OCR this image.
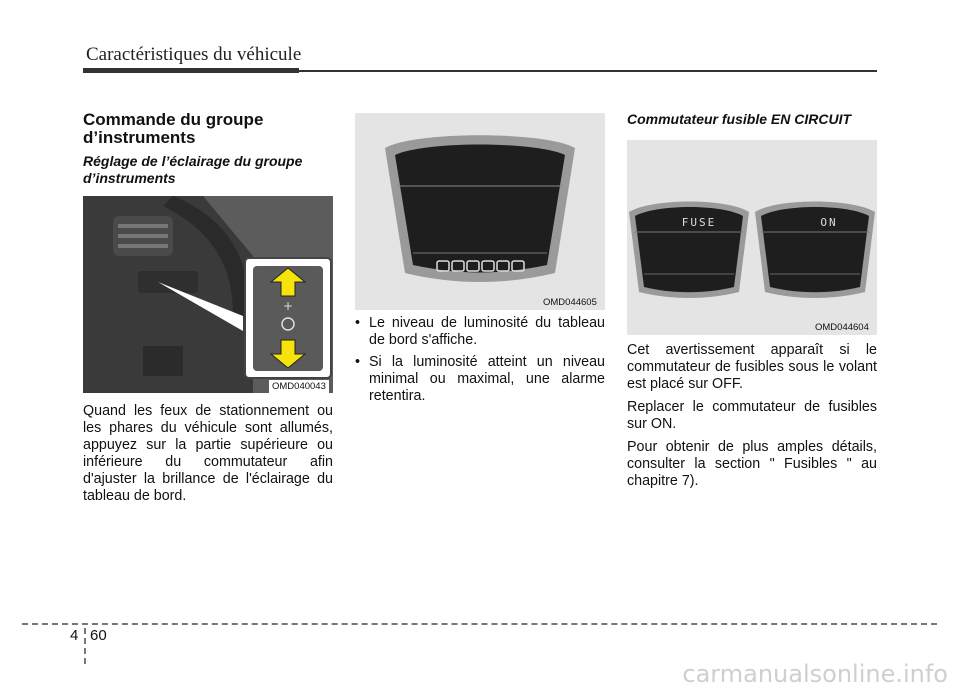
Caractéristiques du véhicule
Commande du groupe d’instruments
Réglage de l’éclairage du groupe d’instruments
+
OMD040043

Quand les feux de stationnement ou les phares du véhicule sont allumés, appuyez sur la partie supérieure ou inférieure du commutateur afin d'ajuster la brillance de l'éclairage du tableau de bord.

OMD044605
• Le niveau de luminosité du tableau de bord s'affiche.
• Si la luminosité atteint un niveau minimal ou maximal, une alarme retentira.
Commutateur fusible EN CIRCUIT
FUSE	ON
OMD044604

Cet avertissement apparaît si le commutateur de fusibles sous le volant est placé sur OFF.

Replacer le commutateur de fusibles sur ON.

Pour obtenir de plus amples détails, consulter la section " Fusibles " au chapitre 7).

4 60
carmanualsonline.info
